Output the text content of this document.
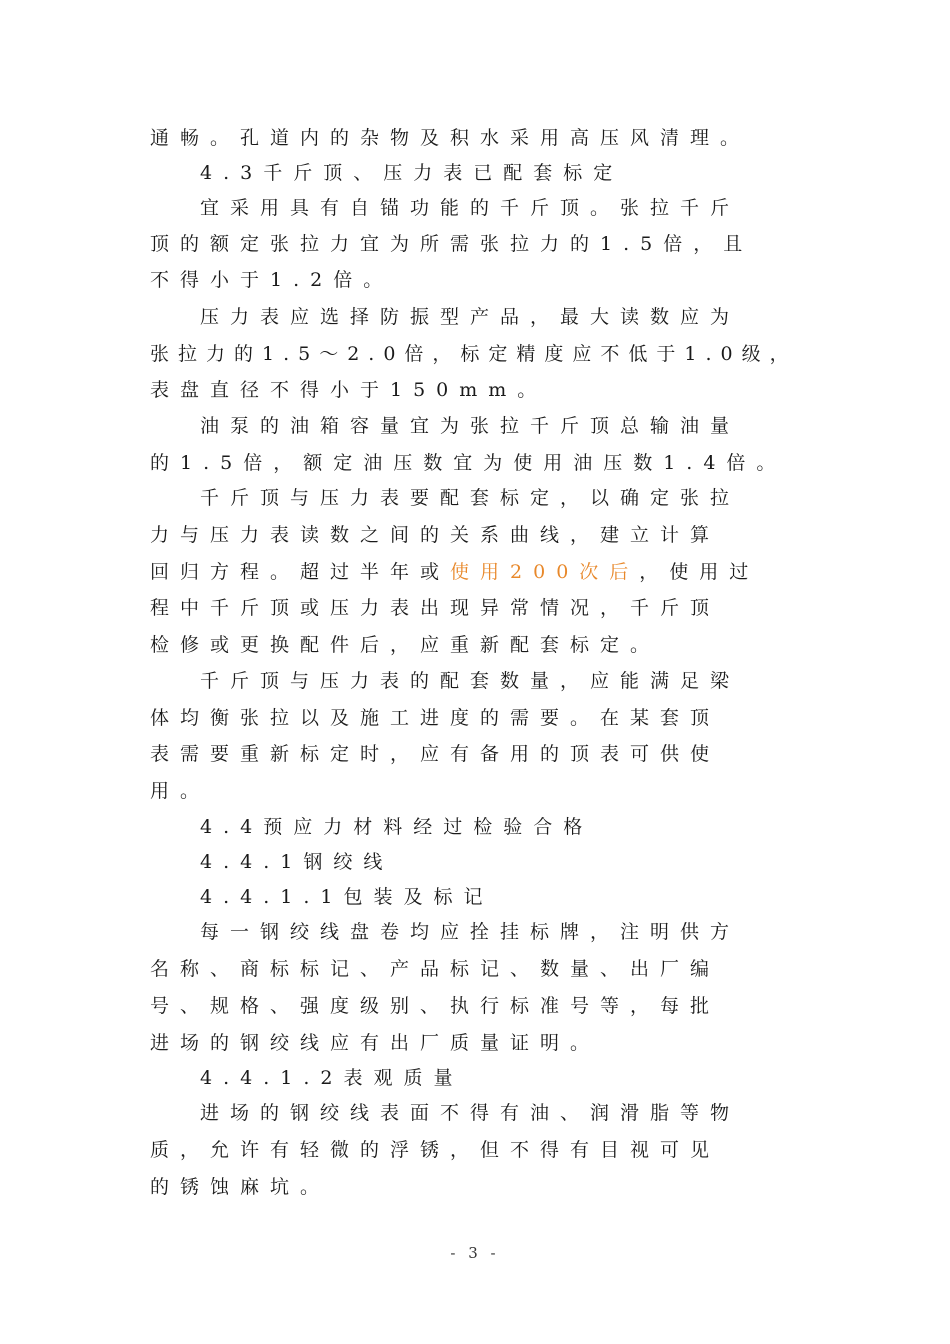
通畅。孔道内的杂物及积水采用高压风清理。
4.3千斤顶、压力表已配套标定
宜采用具有自锚功能的千斤顶。张拉千斤
顶的额定张拉力宜为所需张拉力的1.5倍，且
不得小于1.2倍。
压力表应选择防振型产品，最大读数应为
张拉力的1.5～2.0倍，标定精度应不低于1.0级，
表盘直径不得小于150mm。
油泵的油箱容量宜为张拉千斤顶总输油量
的1.5倍，额定油压数宜为使用油压数1.4倍。
千斤顶与压力表要配套标定，以确定张拉
力与压力表读数之间的关系曲线，建立计算
回归方程。超过半年或使用200次后，使用过
程中千斤顶或压力表出现异常情况，千斤顶
检修或更换配件后，应重新配套标定。
千斤顶与压力表的配套数量，应能满足梁
体均衡张拉以及施工进度的需要。在某套顶
表需要重新标定时，应有备用的顶表可供使
用。
4.4预应力材料经过检验合格
4.4.1钢绞线
4.4.1.1包装及标记
每一钢绞线盘卷均应拴挂标牌，注明供方
名称、商标标记、产品标记、数量、出厂编
号、规格、强度级别、执行标准号等，每批
进场的钢绞线应有出厂质量证明。
4.4.1.2表观质量
进场的钢绞线表面不得有油、润滑脂等物
质，允许有轻微的浮锈，但不得有目视可见
的锈蚀麻坑。
- 3 -
